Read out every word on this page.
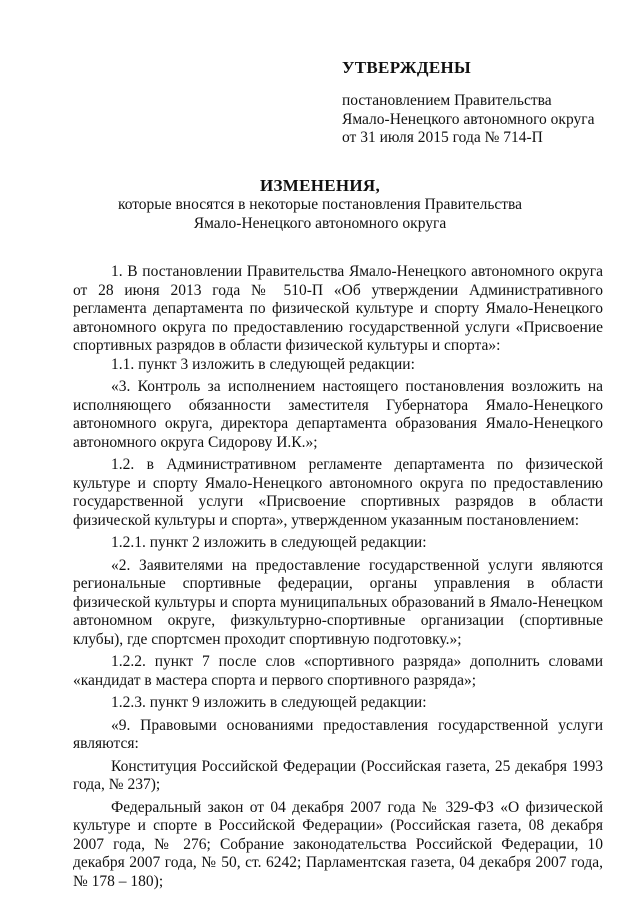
УТВЕРЖДЕНЫ
постановлением Правительства
Ямало-Ненецкого автономного округа
от 31 июля 2015 года № 714-П
ИЗМЕНЕНИЯ,
которые вносятся в некоторые постановления Правительства
Ямало-Ненецкого автономного округа

1. В постановлении Правительства Ямало-Ненецкого автономного округа от 28 июня 2013 года № 510-П «Об утверждении Административного регламента департамента по физической культуре и спорту Ямало-Ненецкого автономного округа по предоставлению государственной услуги «Присвоение спортивных разрядов в области физической культуры и спорта»:

1.1. пункт 3 изложить в следующей редакции:

«3. Контроль за исполнением настоящего постановления возложить на исполняющего обязанности заместителя Губернатора Ямало-Ненецкого автономного округа, директора департамента образования Ямало-Ненецкого автономного округа Сидорову И.К.»;

1.2. в Административном регламенте департамента по физической культуре и спорту Ямало-Ненецкого автономного округа по предоставлению государственной услуги «Присвоение спортивных разрядов в области физической культуры и спорта», утвержденном указанным постановлением:

1.2.1. пункт 2 изложить в следующей редакции:

«2. Заявителями на предоставление государственной услуги являются региональные спортивные федерации, органы управления в области физической культуры и спорта муниципальных образований в Ямало-Ненецком автономном округе, физкультурно-спортивные организации (спортивные клубы), где спортсмен проходит спортивную подготовку.»;

1.2.2. пункт 7 после слов «спортивного разряда» дополнить словами «кандидат в мастера спорта и первого спортивного разряда»;

1.2.3. пункт 9 изложить в следующей редакции:

«9. Правовыми основаниями предоставления государственной услуги являются:

Конституция Российской Федерации (Российская газета, 25 декабря 1993 года, № 237);

Федеральный закон от 04 декабря 2007 года № 329-ФЗ «О физической культуре и спорте в Российской Федерации» (Российская газета, 08 декабря 2007 года, № 276; Собрание законодательства Российской Федерации, 10 декабря 2007 года, № 50, ст. 6242; Парламентская газета, 04 декабря 2007 года, № 178 – 180);
